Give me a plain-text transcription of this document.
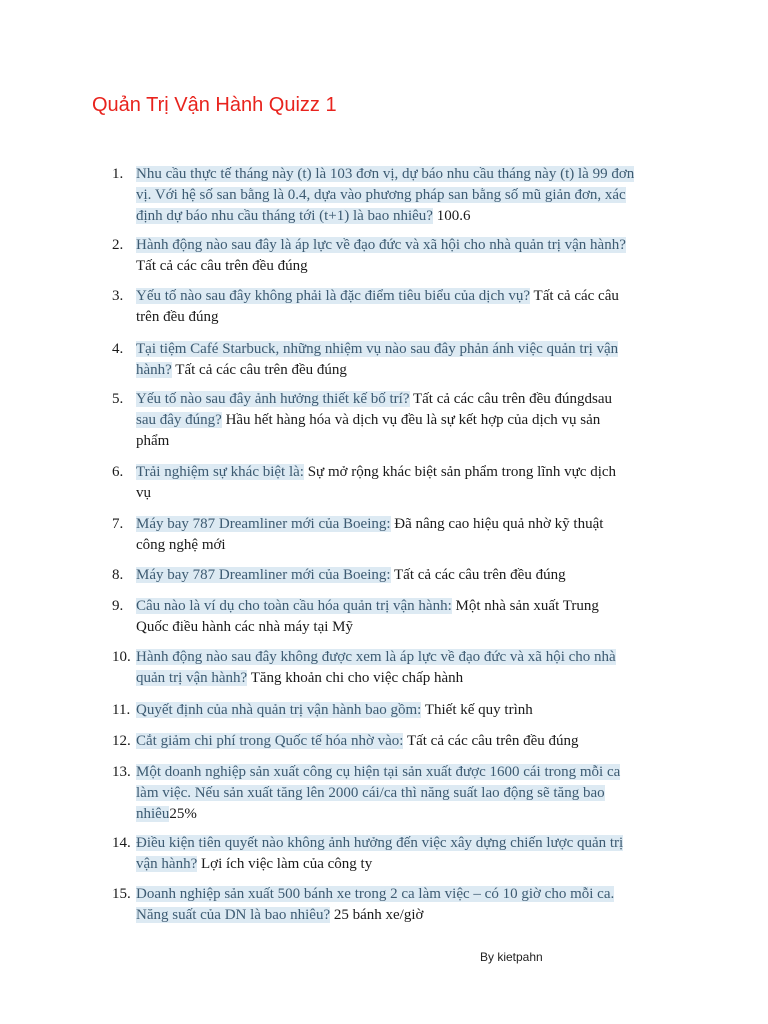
Quản Trị Vận Hành Quizz 1
1. Nhu cầu thực tế tháng này (t) là 103 đơn vị, dự báo nhu cầu tháng này (t) là 99 đơn
vị. Với hệ số san bằng là 0.4, dựa vào phương pháp san bằng số mũ giản đơn, xác
định dự báo nhu cầu tháng tới (t+1) là bao nhiêu? 100.6
2. Hành động nào sau đây là áp lực về đạo đức và xã hội cho nhà quản trị vận hành?
Tất cả các câu trên đều đúng
3. Yếu tố nào sau đây không phải là đặc điểm tiêu biểu của dịch vụ? Tất cả các câu
trên đều đúng
4. Tại tiệm Café Starbuck, những nhiệm vụ nào sau đây phản ánh việc quản trị vận
hành? Tất cả các câu trên đều đúng
5. Yếu tố nào sau đây ảnh hưởng thiết kế bố trí? Tất cả các câu trên đều đúngdsau
sau đây đúng? Hầu hết hàng hóa và dịch vụ đều là sự kết hợp của dịch vụ sản
phẩm
6. Trải nghiệm sự khác biệt là: Sự mở rộng khác biệt sản phẩm trong lĩnh vực dịch
vụ
7. Máy bay 787 Dreamliner mới của Boeing: Đã nâng cao hiệu quả nhờ kỹ thuật
công nghệ mới
8. Máy bay 787 Dreamliner mới của Boeing: Tất cả các câu trên đều đúng
9. Câu nào là ví dụ cho toàn cầu hóa quản trị vận hành: Một nhà sản xuất Trung
Quốc điều hành các nhà máy tại Mỹ
10. Hành động nào sau đây không được xem là áp lực về đạo đức và xã hội cho nhà
quản trị vận hành? Tăng khoản chi cho việc chấp hành
11. Quyết định của nhà quản trị vận hành bao gồm: Thiết kế quy trình
12. Cắt giảm chi phí trong Quốc tế hóa nhờ vào: Tất cả các câu trên đều đúng
13. Một doanh nghiệp sản xuất công cụ hiện tại sản xuất được 1600 cái trong mỗi ca
làm việc. Nếu sản xuất tăng lên 2000 cái/ca thì năng suất lao động sẽ tăng bao
nhiêu25%
14. Điều kiện tiên quyết nào không ảnh hưởng đến việc xây dựng chiến lược quản trị
vận hành? Lợi ích việc làm của công ty
15. Doanh nghiệp sản xuất 500 bánh xe trong 2 ca làm việc – có 10 giờ cho mỗi ca.
Năng suất của DN là bao nhiêu? 25 bánh xe/giờ
By kietpahn
